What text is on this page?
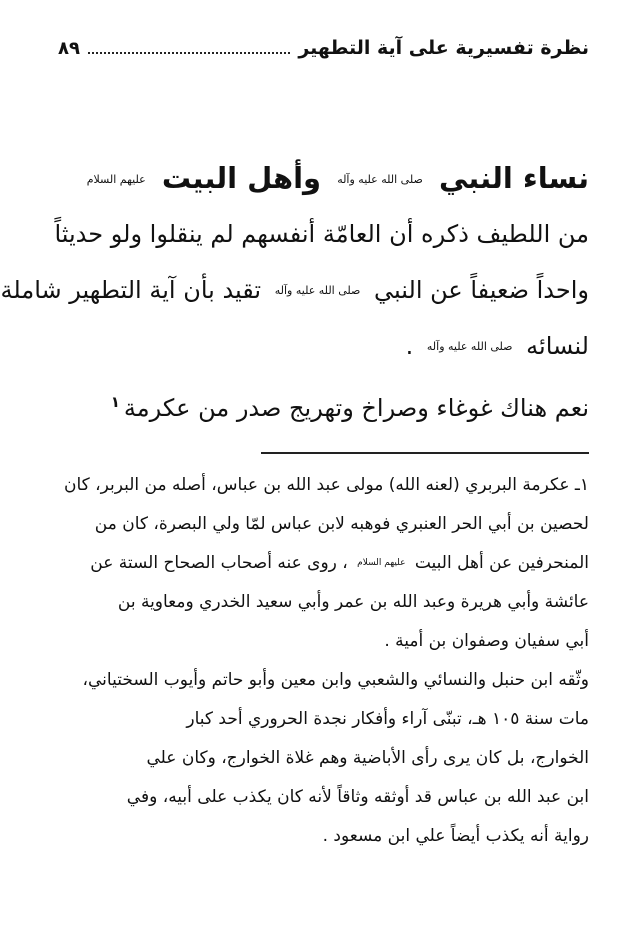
نظرة تفسيرية على آية التطهير
٨٩
نساء النبي صلى الله عليه وآله وأهل البيت عليهم السلام
من اللطيف ذكره أن العامّة أنفسهم لم ينقلوا ولو حديثاً
واحداً ضعيفاً عن النبي صلى الله عليه وآله تقيد بأن آية التطهير شاملة
لنسائه صلى الله عليه وآله .
نعم هناك غوغاء وصراخ وتهريج صدر من عكرمة$^١$
١ـ عكرمة البربري (لعنه الله) مولى عبد الله بن عباس، أصله من البربر، كان
لحصين بن أبي الحر العنبري فوهبه لابن عباس لمّا ولي البصرة، كان من
المنحرفين عن أهل البيت عليهم السلام ، روى عنه أصحاب الصحاح الستة عن
عائشة وأبي هريرة وعبد الله بن عمر وأبي سعيد الخدري ومعاوية بن
أبي سفيان وصفوان بن أمية .
وثّقه ابن حنبل والنسائي والشعبي وابن معين وأبو حاتم وأيوب السختياني،
مات سنة ١٠٥ هـ، تبنّى آراء وأفكار نجدة الحروري أحد كبار
الخوارج، بل كان يرى رأى الأباضية وهم غلاة الخوارج، وكان علي
ابن عبد الله بن عباس قد أوثقه وثاقاً لأنه كان يكذب على أبيه، وفي
رواية أنه يكذب أيضاً علي ابن مسعود .
